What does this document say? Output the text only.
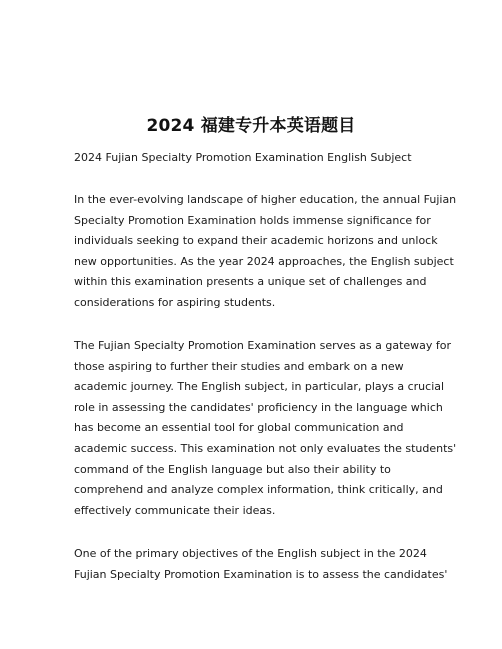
2024 福建专升本英语题目
2024 Fujian Specialty Promotion Examination English Subject

In the ever-evolving landscape of higher education, the annual Fujian
Specialty Promotion Examination holds immense significance for
individuals seeking to expand their academic horizons and unlock
new opportunities. As the year 2024 approaches, the English subject
within this examination presents a unique set of challenges and
considerations for aspiring students.

The Fujian Specialty Promotion Examination serves as a gateway for
those aspiring to further their studies and embark on a new
academic journey. The English subject, in particular, plays a crucial
role in assessing the candidates' proficiency in the language which
has become an essential tool for global communication and
academic success. This examination not only evaluates the students'
command of the English language but also their ability to
comprehend and analyze complex information, think critically, and
effectively communicate their ideas.

One of the primary objectives of the English subject in the 2024
Fujian Specialty Promotion Examination is to assess the candidates'
